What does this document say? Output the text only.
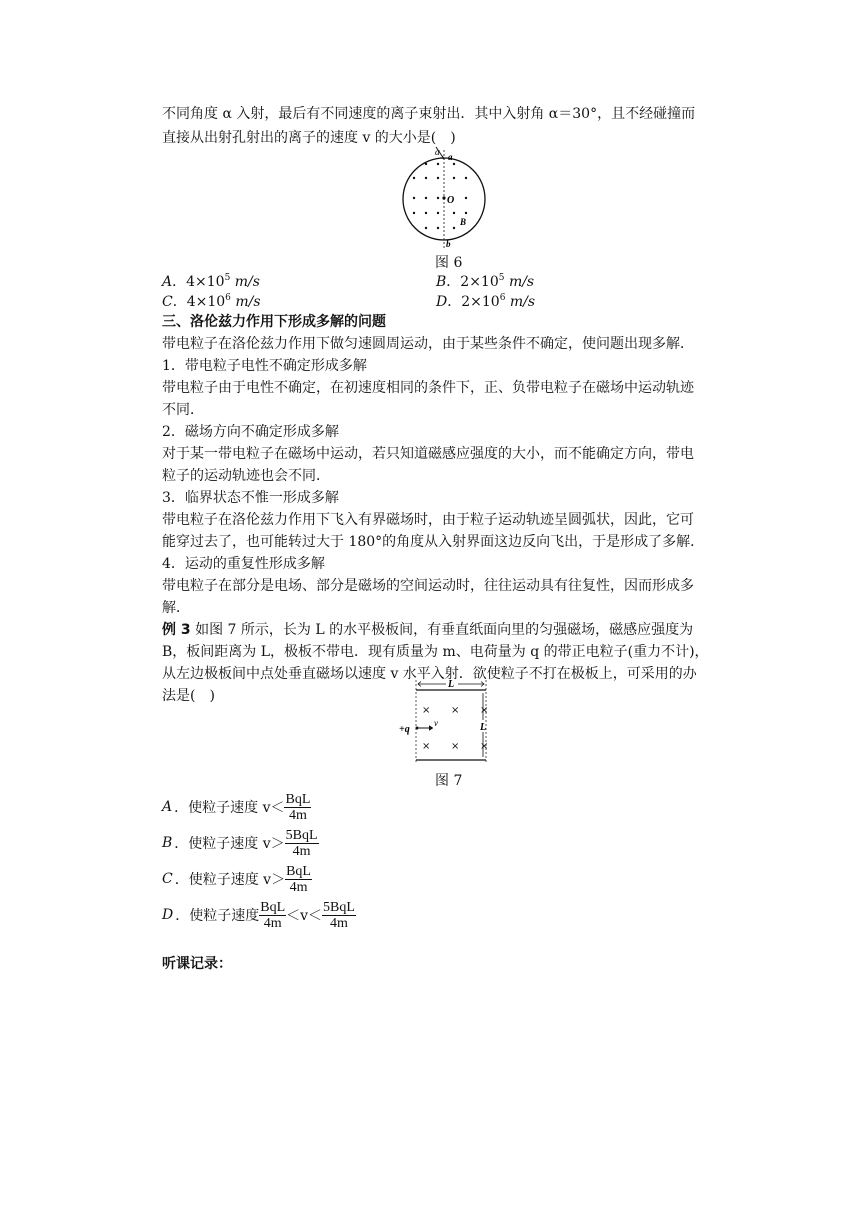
不同角度 α 入射，最后有不同速度的离子束射出．其中入射角 α＝30°，且不经碰撞而
直接从出射孔射出的离子的速度 v 的大小是(　)
α a
O
B
b
图 6
A．$4\times 10^5$ m/s	B．$2\times 10^5$ m/s
C．$4\times 10^6$ m/s	D．$2\times 10^6$ m/s
三、洛伦兹力作用下形成多解的问题
带电粒子在洛伦兹力作用下做匀速圆周运动，由于某些条件不确定，使问题出现多解．
1．带电粒子电性不确定形成多解
带电粒子由于电性不确定，在初速度相同的条件下，正、负带电粒子在磁场中运动轨迹
不同．
2．磁场方向不确定形成多解
对于某一带电粒子在磁场中运动，若只知道磁感应强度的大小，而不能确定方向，带电
粒子的运动轨迹也会不同．
3．临界状态不惟一形成多解
带电粒子在洛伦兹力作用下飞入有界磁场时，由于粒子运动轨迹呈圆弧状，因此，它可
能穿过去了，也可能转过大于 180°的角度从入射界面这边反向飞出，于是形成了多解．
4．运动的重复性形成多解
带电粒子在部分是电场、部分是磁场的空间运动时，往往运动具有往复性，因而形成多
解．
例 3 如图 7 所示，长为 L 的水平极板间，有垂直纸面向里的匀强磁场，磁感应强度为
B，板间距离为 L，极板不带电．现有质量为 m、电荷量为 q 的带正电粒子(重力不计)，
从左边极板间中点处垂直磁场以速度 v 水平入射．欲使粒子不打在极板上，可采用的办
法是(　)
L
L
× × ×
× × ×
+q
v
图 7
A ．使粒子速度 $v< \frac{\text{BqL}}{4m}$
B ．使粒子速度 $v> \frac{\text{5BqL}}{4m}$
C ．使粒子速度 $v> \frac{\text{BqL}}{4m}$
D ．使粒子速度 $\frac{\text{BqL}}{4m} <v< \frac{\text{5BqL}}{4m}$
听课记录：
